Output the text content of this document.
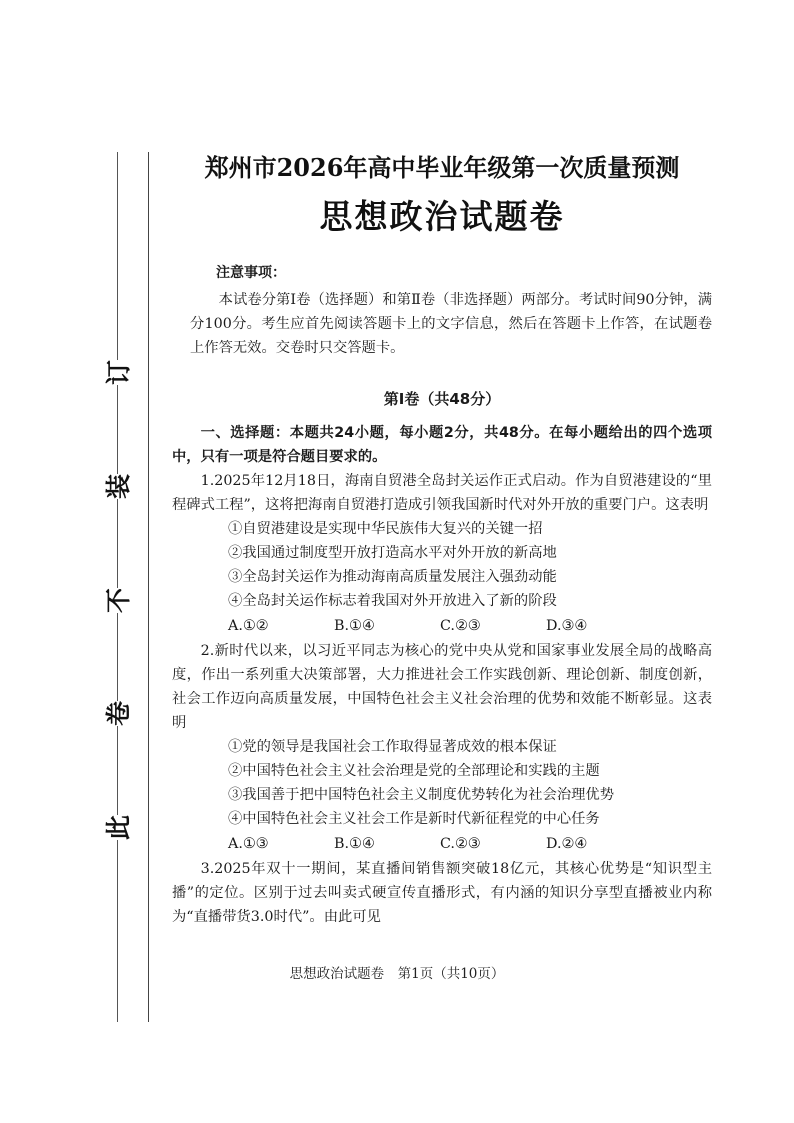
订
装
不
卷
此
郑州市2026年高中毕业年级第一次质量预测
思想政治试题卷
注意事项：

本试卷分第Ⅰ卷（选择题）和第Ⅱ卷（非选择题）两部分。考试时间90分钟，满分100分。考生应首先阅读答题卡上的文字信息，然后在答题卡上作答，在试题卷上作答无效。交卷时只交答题卡。

第Ⅰ卷（共48分）

一、选择题：本题共24小题，每小题2分，共48分。在每小题给出的四个选项中，只有一项是符合题目要求的。

1.2025年12月18日，海南自贸港全岛封关运作正式启动。作为自贸港建设的“里程碑式工程”，这将把海南自贸港打造成引领我国新时代对外开放的重要门户。这表明

①自贸港建设是实现中华民族伟大复兴的关键一招

②我国通过制度型开放打造高水平对外开放的新高地

③全岛封关运作为推动海南高质量发展注入强劲动能

④全岛封关运作标志着我国对外开放进入了新的阶段

A.①②	B.①④	C.②③	D.③④

2.新时代以来，以习近平同志为核心的党中央从党和国家事业发展全局的战略高度，作出一系列重大决策部署，大力推进社会工作实践创新、理论创新、制度创新，社会工作迈向高质量发展，中国特色社会主义社会治理的优势和效能不断彰显。这表明

①党的领导是我国社会工作取得显著成效的根本保证

②中国特色社会主义社会治理是党的全部理论和实践的主题

③我国善于把中国特色社会主义制度优势转化为社会治理优势

④中国特色社会主义社会工作是新时代新征程党的中心任务

A.①③	B.①④	C.②③	D.②④

3.2025年双十一期间，某直播间销售额突破18亿元，其核心优势是“知识型主播”的定位。区别于过去叫卖式硬宣传直播形式，有内涵的知识分享型直播被业内称为“直播带货3.0时代”。由此可见

思想政治试题卷　第1页（共10页）
